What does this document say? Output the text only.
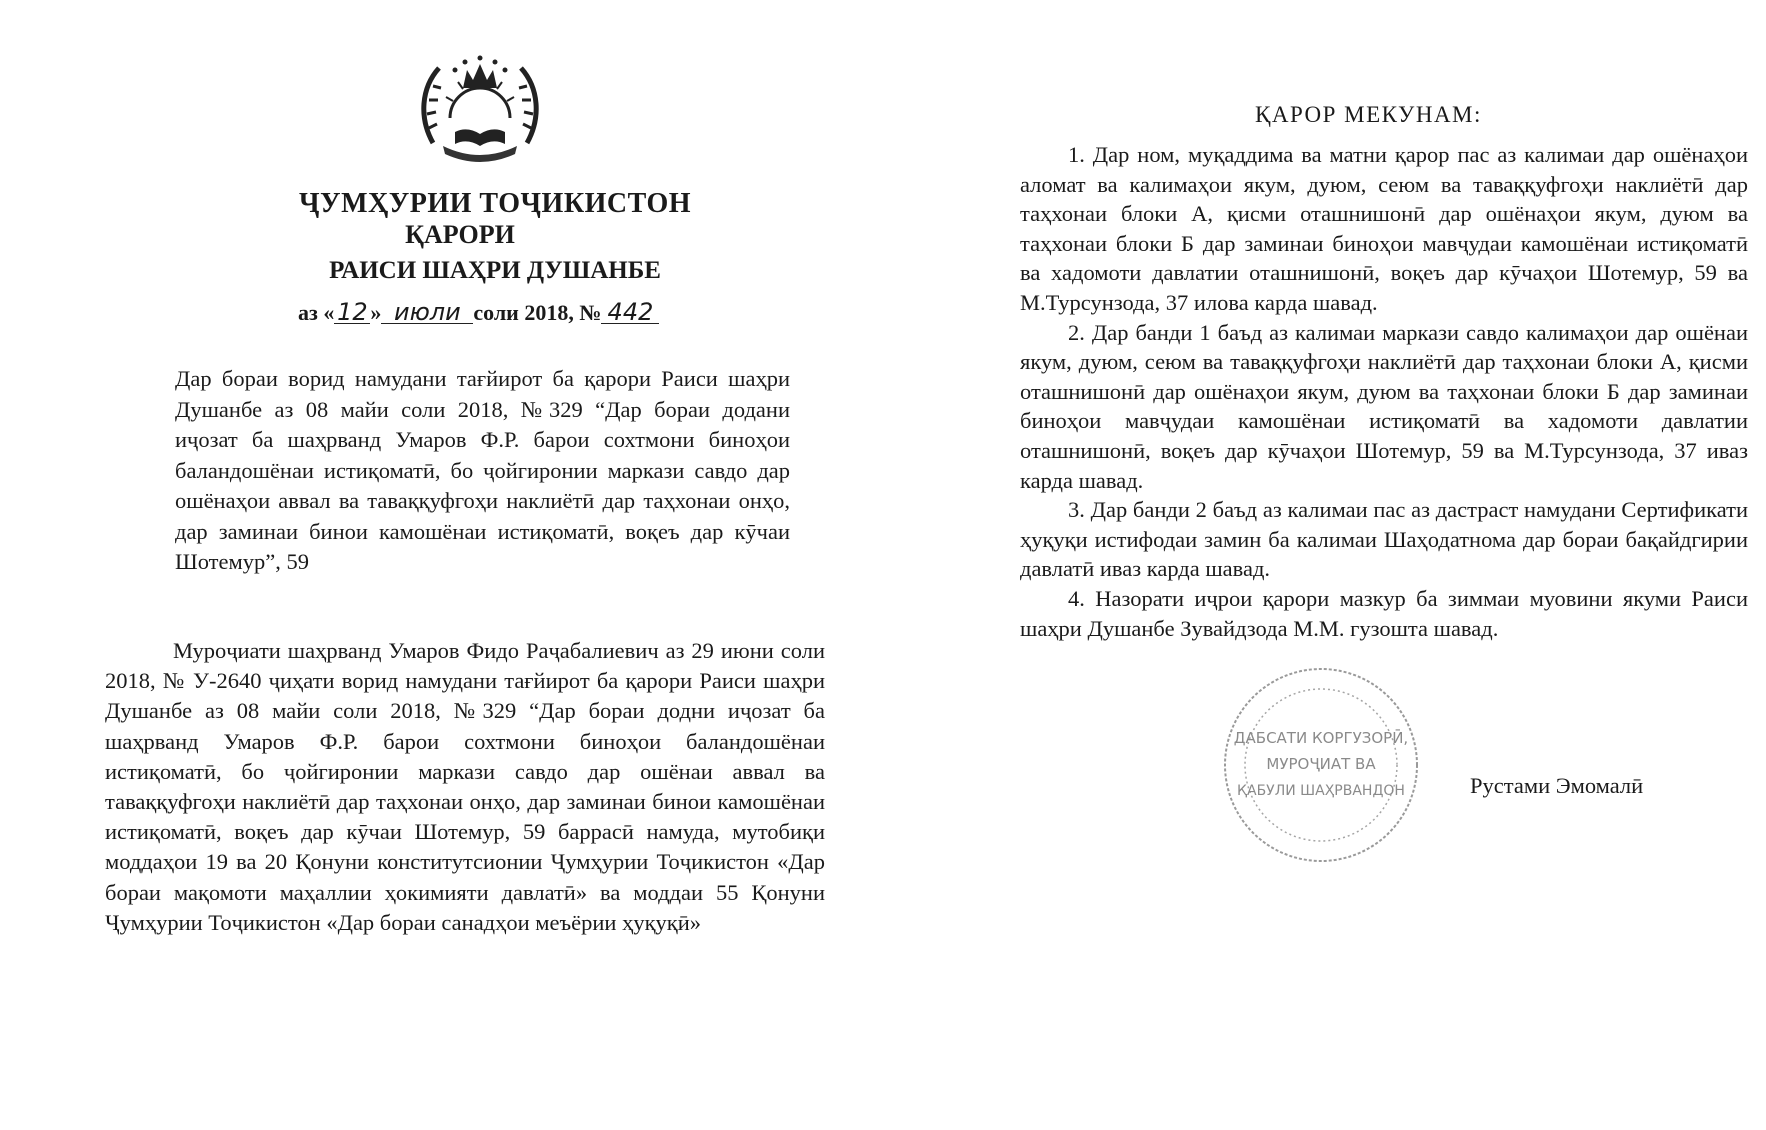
ҶУМҲУРИИ ТОҶИКИСТОН
ҚАРОРИ
РАИСИ ШАҲРИ ДУШАНБЕ
аз « 12 » июли соли 2018, № 442
Дар бораи ворид намудани тағйирот ба қарори Раиси шаҳри Душанбе аз 08 майи соли 2018, №329 “Дар бораи додани иҷозат ба шаҳрванд Умаров Ф.Р. барои сохтмони биноҳои баландошёнаи истиқоматӣ, бо ҷойгиронии маркази савдо дар ошёнаҳои аввал ва таваққуфгоҳи наклиётӣ дар таҳхонаи онҳо, дар заминаи бинои камошёнаи истиқоматӣ, воқеъ дар кӯчаи Шотемур”, 59
Муроҷиати шаҳрванд Умаров Фидо Раҷабалиевич аз 29 июни соли 2018, № У-2640 ҷиҳати ворид намудани тағйирот ба қарори Раиси шаҳри Душанбе аз 08 майи соли 2018, №329 “Дар бораи додни иҷозат ба шаҳрванд Умаров Ф.Р. барои сохтмони биноҳои баландошёнаи истиқоматӣ, бо ҷойгиронии маркази савдо дар ошёнаи аввал ва таваққуфгоҳи наклиётӣ дар таҳхонаи онҳо, дар заминаи бинои камошёнаи истиқоматӣ, воқеъ дар кӯчаи Шотемур, 59 баррасӣ намуда, мутобиқи моддаҳои 19 ва 20 Қонуни конститутсионии Ҷумҳурии Тоҷикистон «Дар бораи мақомоти маҳаллии ҳокимияти давлатӣ» ва моддаи 55 Қонуни Ҷумҳурии Тоҷикистон «Дар бораи санадҳои меъёрии ҳуқуқӣ»
ҚАРОР МЕКУНАМ:

1. Дар ном, муқаддима ва матни қарор пас аз калимаи дар ошёнаҳои аломат ва калимаҳои якум, дуюм, сеюм ва таваққуфгоҳи наклиётӣ дар таҳхонаи блоки А, қисми оташнишонӣ дар ошёнаҳои якум, дуюм ва таҳхонаи блоки Б дар заминаи биноҳои мавҷудаи камошёнаи истиқоматӣ ва хадомоти давлатии оташнишонӣ, воқеъ дар кӯчаҳои Шотемур, 59 ва М.Турсунзода, 37 илова карда шавад.

2. Дар банди 1 баъд аз калимаи маркази савдо калимаҳои дар ошёнаи якум, дуюм, сеюм ва таваққуфгоҳи наклиётӣ дар таҳхонаи блоки А, қисми оташнишонӣ дар ошёнаҳои якум, дуюм ва таҳхонаи блоки Б дар заминаи биноҳои мавҷудаи камошёнаи истиқоматӣ ва хадомоти давлатии оташнишонӣ, воқеъ дар кӯчаҳои Шотемур, 59 ва М.Турсунзода, 37 иваз карда шавад.

3. Дар банди 2 баъд аз калимаи пас аз дастраст намудани Сертификати ҳуқуқи истифодаи замин ба калимаи Шаҳодатнома дар бораи бақайдгирии давлатӣ иваз карда шавад.

4. Назорати иҷрои қарори мазкур ба зиммаи муовини якуми Раиси шаҳри Душанбе Зувайдзода М.М. гузошта шавад.

ДАБСАТИ КОРГУЗОРӢ,
МУРОҶИАТ ВА
ҚАБУЛИ ШАҲРВАНДОН	Рустами Эмомалӣ
